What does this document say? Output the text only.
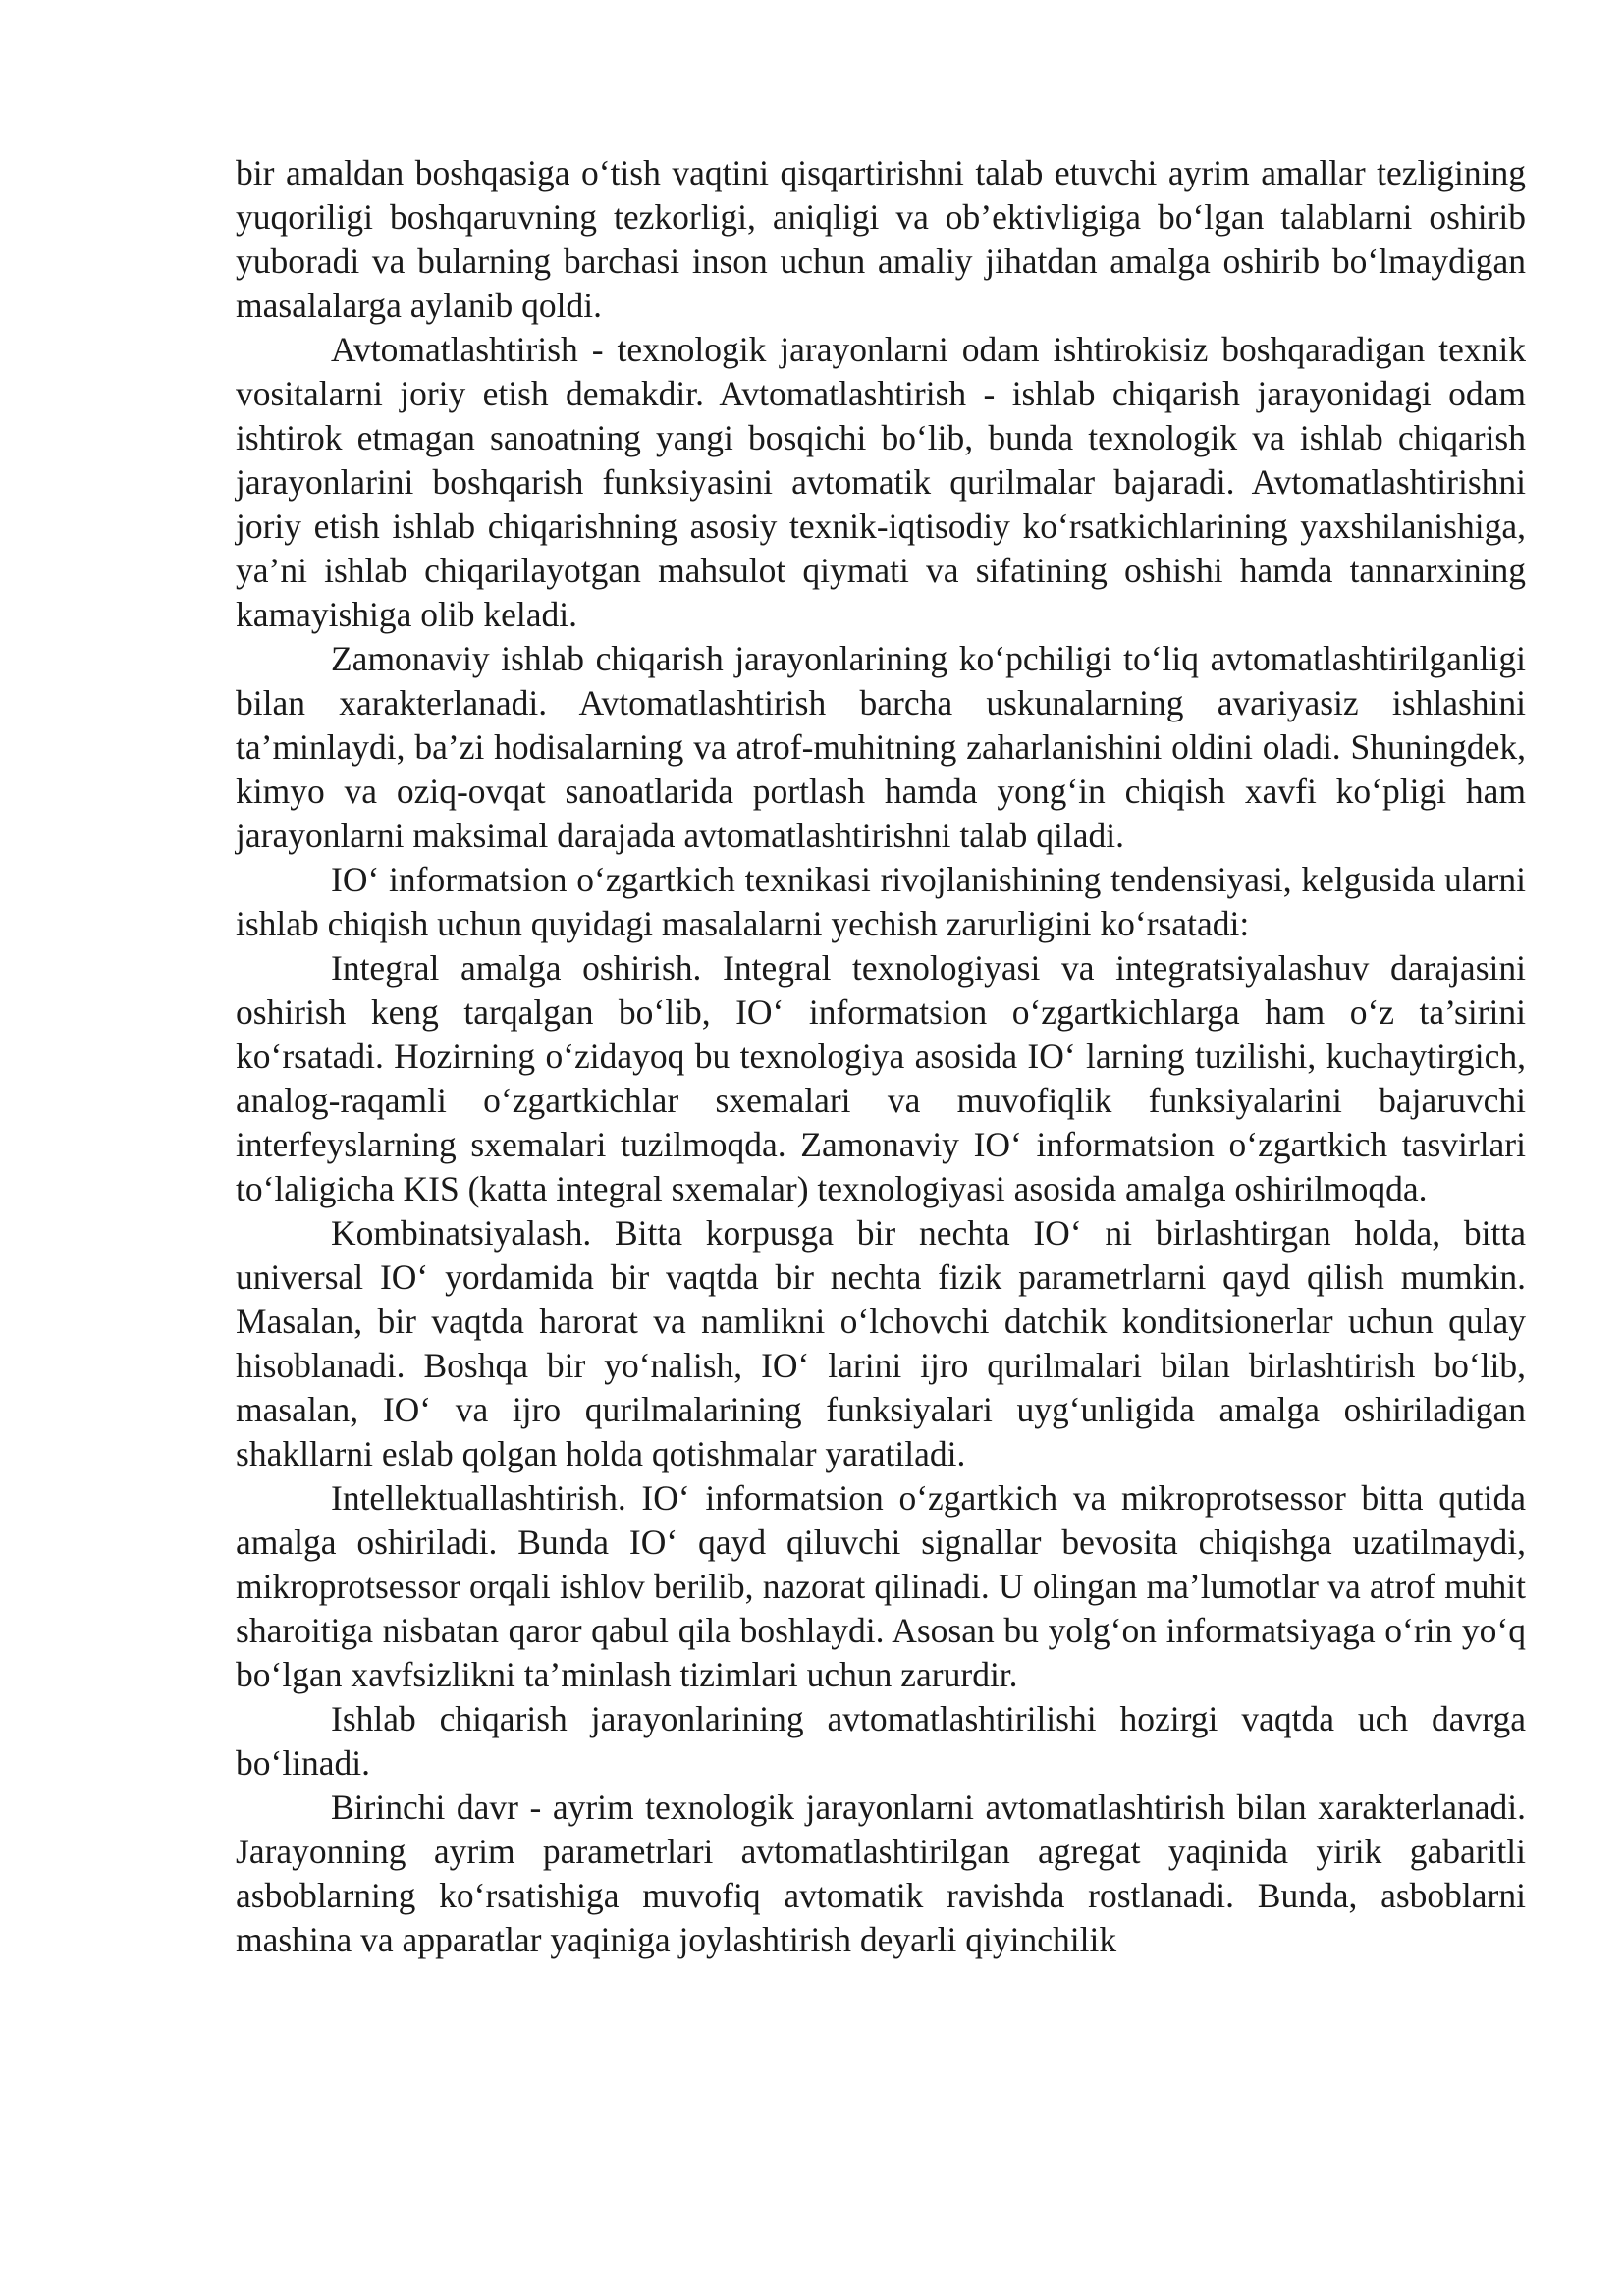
bir amaldan boshqasiga o‘tish vaqtini qisqartirishni talab etuvchi ayrim amallar tezligining yuqoriligi boshqaruvning tezkorligi, aniqligi va ob’ektivligiga bo‘lgan talablarni oshirib yuboradi va bularning barchasi inson uchun amaliy jihatdan amalga oshirib bo‘lmaydigan masalalarga aylanib qoldi.

Avtomatlashtirish - texnologik jarayonlarni odam ishtirokisiz boshqaradigan texnik vositalarni joriy etish demakdir. Avtomatlashtirish - ishlab chiqarish jarayonidagi odam ishtirok etmagan sanoatning yangi bosqichi bo‘lib, bunda texnologik va ishlab chiqarish jarayonlarini boshqarish funksiyasini avtomatik qurilmalar bajaradi. Avtomatlashtirishni joriy etish ishlab chiqarishning asosiy texnik-iqtisodiy ko‘rsatkichlarining yaxshilanishiga, ya’ni ishlab chiqarilayotgan mahsulot qiymati va sifatining oshishi hamda tannarxining kamayishiga olib keladi.

Zamonaviy ishlab chiqarish jarayonlarining ko‘pchiligi to‘liq avtomatlashtirilganligi bilan xarakterlanadi. Avtomatlashtirish barcha uskunalarning avariyasiz ishlashini ta’minlaydi, ba’zi hodisalarning va atrof-muhitning zaharlanishini oldini oladi. Shuningdek, kimyo va oziq-ovqat sanoatlarida portlash hamda yong‘in chiqish xavfi ko‘pligi ham jarayonlarni maksimal darajada avtomatlashtirishni talab qiladi.

IO‘ informatsion o‘zgartkich texnikasi rivojlanishining tendensiyasi, kelgusida ularni ishlab chiqish uchun quyidagi masalalarni yechish zarurligini ko‘rsatadi:

Integral amalga oshirish. Integral texnologiyasi va integratsiyalashuv darajasini oshirish keng tarqalgan bo‘lib, IO‘ informatsion o‘zgartkichlarga ham o‘z ta’sirini ko‘rsatadi. Hozirning o‘zidayoq bu texnologiya asosida IO‘ larning tuzilishi, kuchaytirgich, analog-raqamli o‘zgartkichlar sxemalari va muvofiqlik funksiyalarini bajaruvchi interfeyslarning sxemalari tuzilmoqda. Zamonaviy IO‘ informatsion o‘zgartkich tasvirlari to‘laligicha KIS (katta integral sxemalar) texnologiyasi asosida amalga oshirilmoqda.

Kombinatsiyalash. Bitta korpusga bir nechta IO‘ ni birlashtirgan holda, bitta universal IO‘ yordamida bir vaqtda bir nechta fizik parametrlarni qayd qilish mumkin. Masalan, bir vaqtda harorat va namlikni o‘lchovchi datchik konditsionerlar uchun qulay hisoblanadi. Boshqa bir yo‘nalish, IO‘ larini ijro qurilmalari bilan birlashtirish bo‘lib, masalan, IO‘ va ijro qurilmalarining funksiyalari uyg‘unligida amalga oshiriladigan shakllarni eslab qolgan holda qotishmalar yaratiladi.

Intellektuallashtirish. IO‘ informatsion o‘zgartkich va mikroprotsessor bitta qutida amalga oshiriladi. Bunda IO‘ qayd qiluvchi signallar bevosita chiqishga uzatilmaydi, mikroprotsessor orqali ishlov berilib, nazorat qilinadi. U olingan ma’lumotlar va atrof muhit sharoitiga nisbatan qaror qabul qila boshlaydi. Asosan bu yolg‘on informatsiyaga o‘rin yo‘q bo‘lgan xavfsizlikni ta’minlash tizimlari uchun zarurdir.

Ishlab chiqarish jarayonlarining avtomatlashtirilishi hozirgi vaqtda uch davrga bo‘linadi.

Birinchi davr - ayrim texnologik jarayonlarni avtomatlashtirish bilan xarakterlanadi. Jarayonning ayrim parametrlari avtomatlashtirilgan agregat yaqinida yirik gabaritli asboblarning ko‘rsatishiga muvofiq avtomatik ravishda rostlanadi. Bunda, asboblarni mashina va apparatlar yaqiniga joylashtirish deyarli qiyinchilik
